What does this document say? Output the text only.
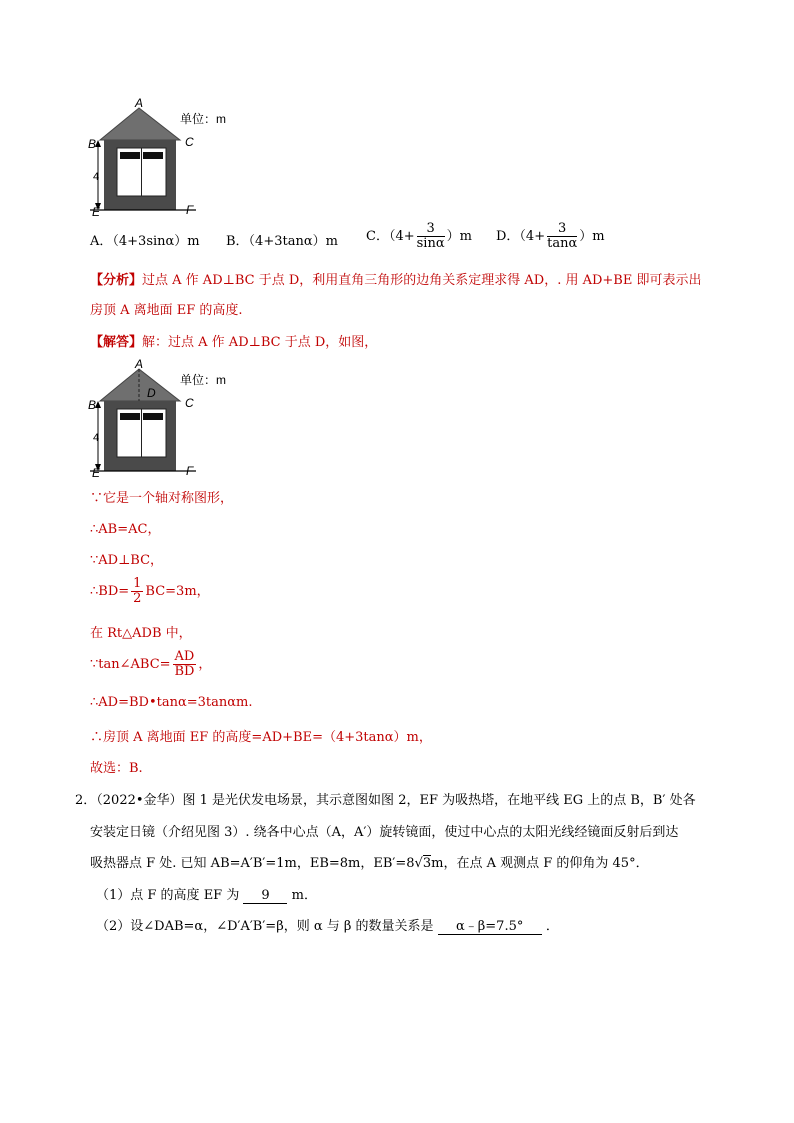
4
A
B	C
E	F
单位：m
A．（4+3sinα）m B．（4+3tanα）m C．$(4+ \frac{3}{\sin\alpha} )m$ D．$(4+ \frac{3}{\tan\alpha} )m$
【分析】过点 A 作 AD⊥BC 于点 D，利用直角三角形的边角关系定理求得 AD，. 用 AD+BE 即可表示出
房顶 A 离地面 EF 的高度.
【解答】解：过点 A 作 AD⊥BC 于点 D，如图，
4
A
B	C
D
E	F
单位：m
∵它是一个轴对称图形，
∴AB=AC，
∵AD⊥BC，
∴BD= $\frac{1}{2} BC=3m$，
在 Rt△ADB 中，
∵tan∠ABC= $\frac{AD}{BD}$ ，
∴AD=BD•tanα=3tanαm.
∴房顶 A 离地面 EF 的高度=AD+BE=（4+3tanα）m，
故选：B.
2．（2022•金华）图 1 是光伏发电场景，其示意图如图 2，EF 为吸热塔，在地平线 EG 上的点 B，B′ 处各
安装定日镜（介绍见图 3）. 绕各中心点（A，A′）旋转镜面，使过中心点的太阳光线经镜面反射后到达
吸热器点 F 处. 已知 AB=A′B′=1m，EB=8m，EB′=8√3m，在点 A 观测点 F 的仰角为 45°．
（1）点 F 的高度 EF 为 9 m．
（2）设∠DAB=α，∠D′A′B′=β，则 α 与 β 的数量关系是 α﹣β=7.5° ．
